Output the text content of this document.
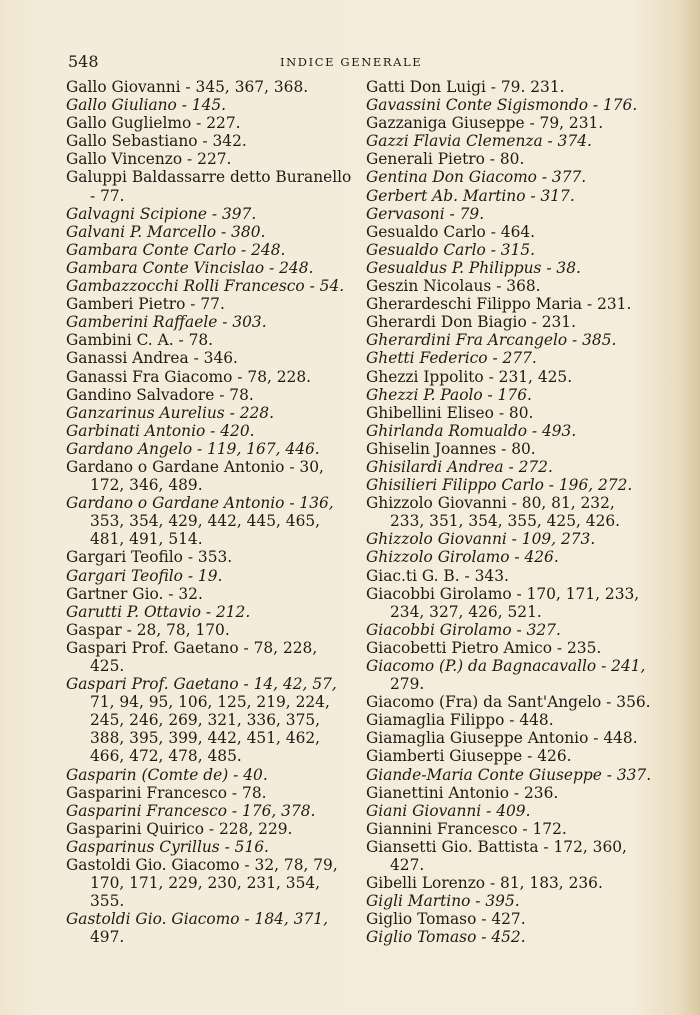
548	INDICE GENERALE
Gallo Giovanni - 345, 367, 368.
Gallo Giuliano - 145.
Gallo Guglielmo - 227.
Gallo Sebastiano - 342.
Gallo Vincenzo - 227.
Galuppi Baldassarre detto Buranello
- 77.
Galvagni Scipione - 397.
Galvani P. Marcello - 380.
Gambara Conte Carlo - 248.
Gambara Conte Vincislao - 248.
Gambazzocchi Rolli Francesco - 54.
Gamberi Pietro - 77.
Gamberini Raffaele - 303.
Gambini C. A. - 78.
Ganassi Andrea - 346.
Ganassi Fra Giacomo - 78, 228.
Gandino Salvadore - 78.
Ganzarinus Aurelius - 228.
Garbinati Antonio - 420.
Gardano Angelo - 119, 167, 446.
Gardano o Gardane Antonio - 30,
172, 346, 489.
Gardano o Gardane Antonio - 136,
353, 354, 429, 442, 445, 465,
481, 491, 514.
Gargari Teofilo - 353.
Gargari Teofilo - 19.
Gartner Gio. - 32.
Garutti P. Ottavio - 212.
Gaspar - 28, 78, 170.
Gaspari Prof. Gaetano - 78, 228,
425.
Gaspari Prof. Gaetano - 14, 42, 57,
71, 94, 95, 106, 125, 219, 224,
245, 246, 269, 321, 336, 375,
388, 395, 399, 442, 451, 462,
466, 472, 478, 485.
Gasparin (Comte de) - 40.
Gasparini Francesco - 78.
Gasparini Francesco - 176, 378.
Gasparini Quirico - 228, 229.
Gasparinus Cyrillus - 516.
Gastoldi Gio. Giacomo - 32, 78, 79,
170, 171, 229, 230, 231, 354,
355.
Gastoldi Gio. Giacomo - 184, 371,
497.
Gatti Don Luigi - 79. 231.
Gavassini Conte Sigismondo - 176.
Gazzaniga Giuseppe - 79, 231.
Gazzi Flavia Clemenza - 374.
Generali Pietro - 80.
Gentina Don Giacomo - 377.
Gerbert Ab. Martino - 317.
Gervasoni - 79.
Gesualdo Carlo - 464.
Gesualdo Carlo - 315.
Gesualdus P. Philippus - 38.
Geszin Nicolaus - 368.
Gherardeschi Filippo Maria - 231.
Gherardi Don Biagio - 231.
Gherardini Fra Arcangelo - 385.
Ghetti Federico - 277.
Ghezzi Ippolito - 231, 425.
Ghezzi P. Paolo - 176.
Ghibellini Eliseo - 80.
Ghirlanda Romualdo - 493.
Ghiselin Joannes - 80.
Ghisilardi Andrea - 272.
Ghisilieri Filippo Carlo - 196, 272.
Ghizzolo Giovanni - 80, 81, 232,
233, 351, 354, 355, 425, 426.
Ghizzolo Giovanni - 109, 273.
Ghizzolo Girolamo - 426.
Giac.ti G. B. - 343.
Giacobbi Girolamo - 170, 171, 233,
234, 327, 426, 521.
Giacobbi Girolamo - 327.
Giacobetti Pietro Amico - 235.
Giacomo (P.) da Bagnacavallo - 241,
279.
Giacomo (Fra) da Sant'Angelo - 356.
Giamaglia Filippo - 448.
Giamaglia Giuseppe Antonio - 448.
Giamberti Giuseppe - 426.
Giande-Maria Conte Giuseppe - 337.
Gianettini Antonio - 236.
Giani Giovanni - 409.
Giannini Francesco - 172.
Giansetti Gio. Battista - 172, 360,
427.
Gibelli Lorenzo - 81, 183, 236.
Gigli Martino - 395.
Giglio Tomaso - 427.
Giglio Tomaso - 452.
